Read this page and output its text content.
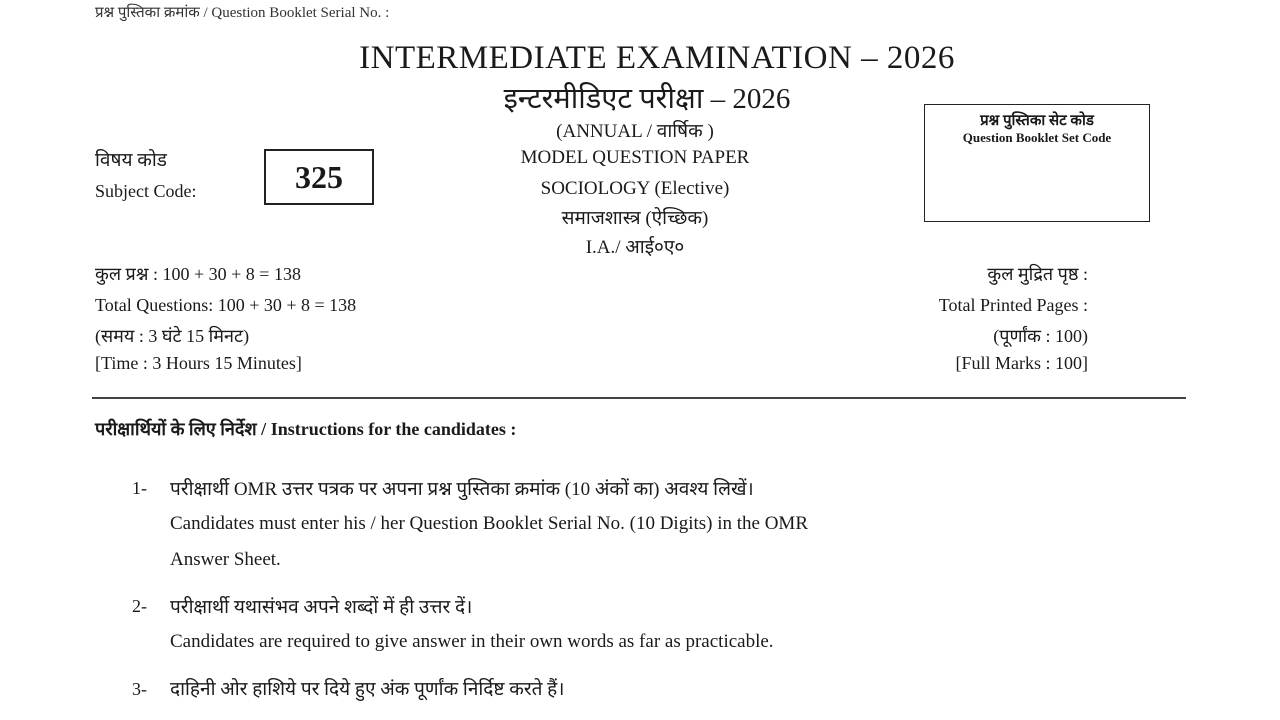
प्रश्न पुस्तिका क्रमांक / Question Booklet Serial No. :
INTERMEDIATE EXAMINATION – 2026
इन्टरमीडिएट परीक्षा – 2026
(ANNUAL / वार्षिक )
MODEL QUESTION PAPER
SOCIOLOGY (Elective)
समाजशास्त्र (ऐच्छिक)
I.A./ आई०ए०
विषय कोड
Subject Code:	325
प्रश्न पुस्तिका सेट कोड
Question Booklet Set Code
कुल प्रश्न : 100 + 30 + 8 = 138
Total Questions: 100 + 30 + 8 = 138
(समय : 3 घंटे 15 मिनट)
[Time : 3 Hours 15 Minutes]
कुल मुद्रित पृष्ठ :
Total Printed Pages :
(पूर्णांक : 100)
[Full Marks : 100]
परीक्षार्थियों के लिए निर्देश / Instructions for the candidates :
1- परीक्षार्थी OMR उत्तर पत्रक पर अपना प्रश्न पुस्तिका क्रमांक (10 अंकों का) अवश्य लिखें।
Candidates must enter his / her Question Booklet Serial No. (10 Digits) in the OMR
Answer Sheet.
2- परीक्षार्थी यथासंभव अपने शब्दों में ही उत्तर दें।
Candidates are required to give answer in their own words as far as practicable.
3- दाहिनी ओर हाशिये पर दिये हुए अंक पूर्णांक निर्दिष्ट करते हैं।
